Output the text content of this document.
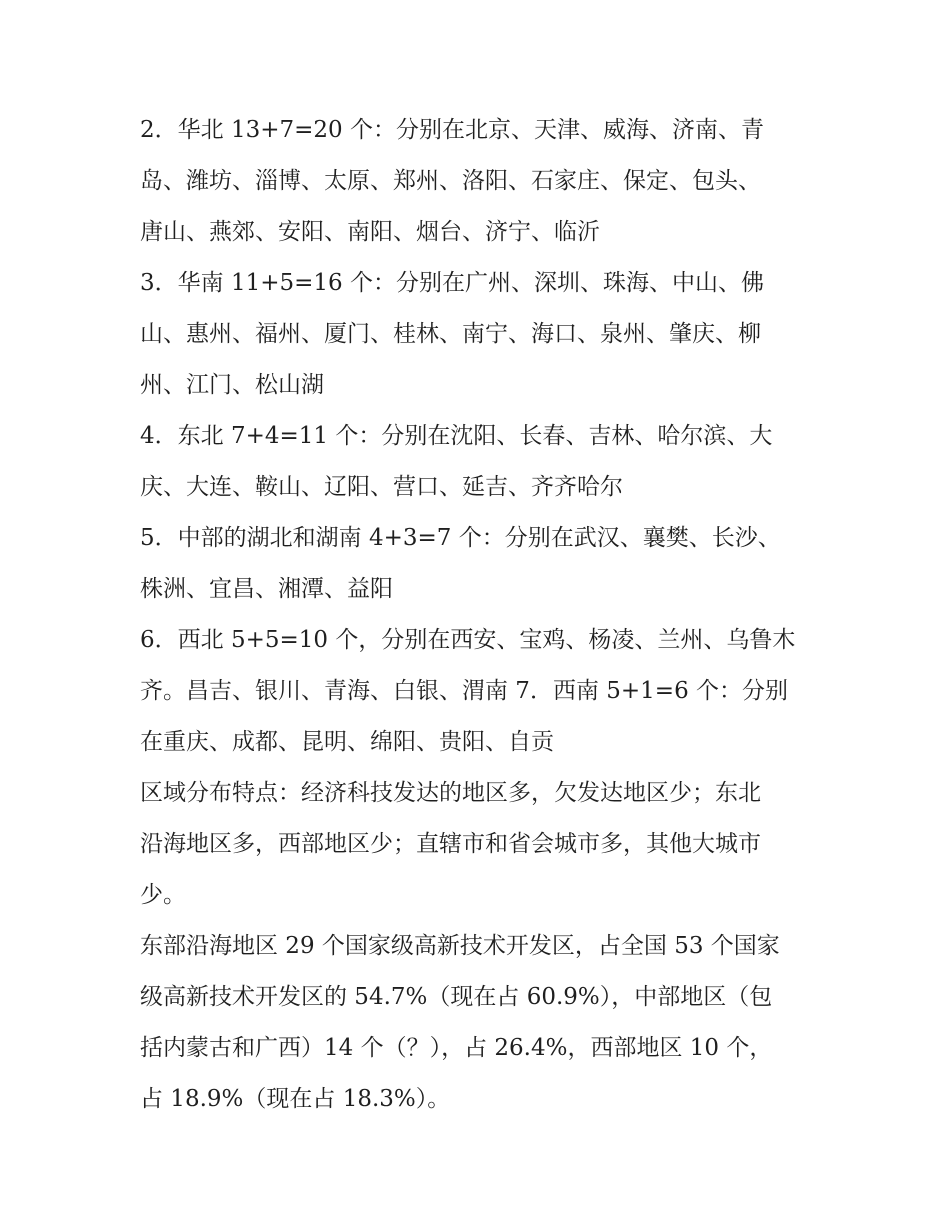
2．华北 13+7=20 个：分别在北京、天津、威海、济南、青
岛、潍坊、淄博、太原、郑州、洛阳、石家庄、保定、包头、
唐山、燕郊、安阳、南阳、烟台、济宁、临沂
3．华南 11+5=16 个：分别在广州、深圳、珠海、中山、佛
山、惠州、福州、厦门、桂林、南宁、海口、泉州、肇庆、柳
州、江门、松山湖
4．东北 7+4=11 个：分别在沈阳、长春、吉林、哈尔滨、大
庆、大连、鞍山、辽阳、营口、延吉、齐齐哈尔
5．中部的湖北和湖南 4+3=7 个：分别在武汉、襄樊、长沙、
株洲、宜昌、湘潭、益阳
6．西北 5+5=10 个，分别在西安、宝鸡、杨凌、兰州、乌鲁木
齐。昌吉、银川、青海、白银、渭南 7．西南 5+1=6 个：分别
在重庆、成都、昆明、绵阳、贵阳、自贡
区域分布特点：经济科技发达的地区多，欠发达地区少；东北
沿海地区多，西部地区少；直辖市和省会城市多，其他大城市
少。
东部沿海地区 29 个国家级高新技术开发区，占全国 53 个国家
级高新技术开发区的 54.7%（现在占 60.9%），中部地区（包
括内蒙古和广西）14 个（？），占 26.4%，西部地区 10 个，
占 18.9%（现在占 18.3%）。
